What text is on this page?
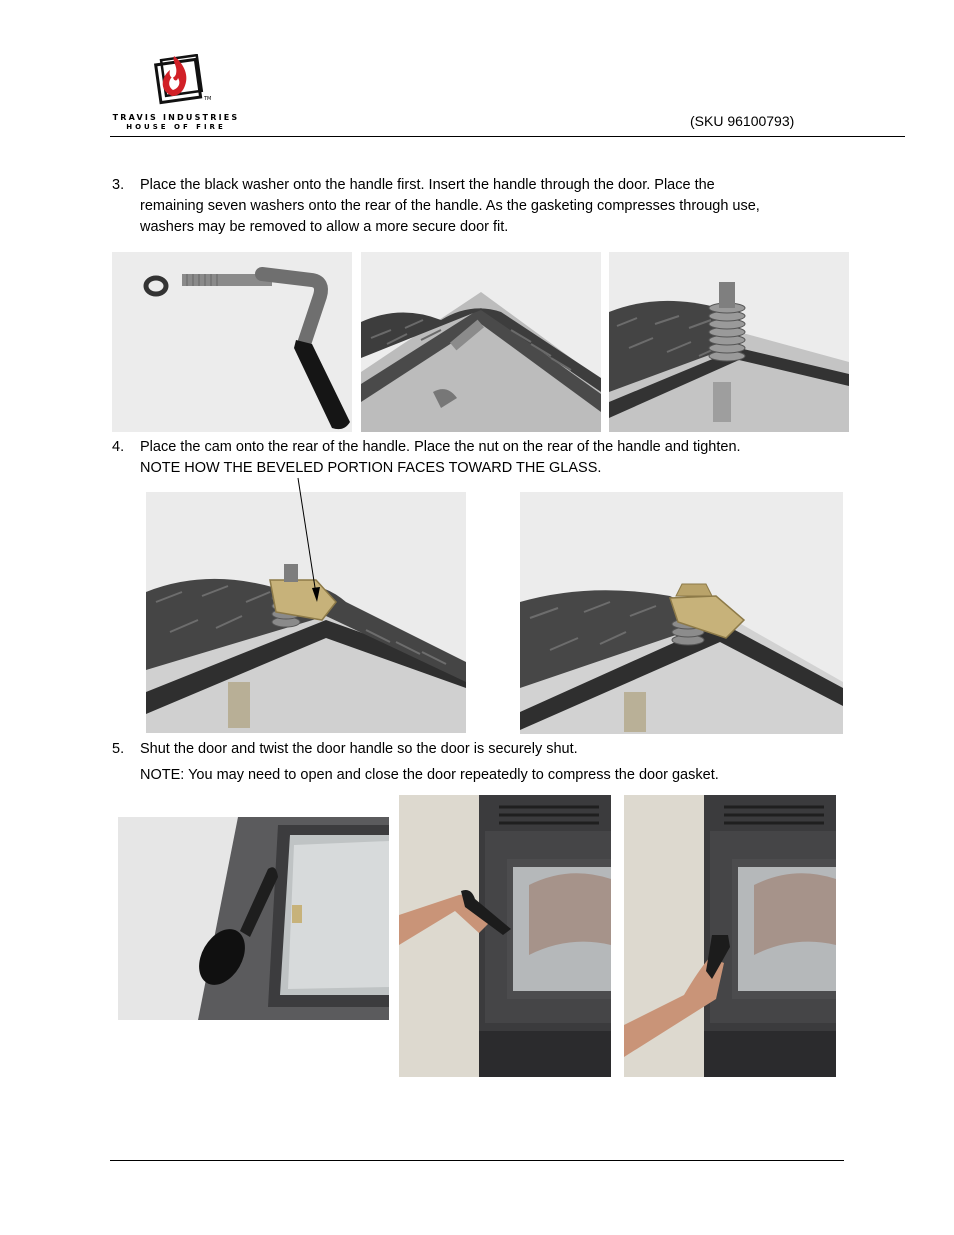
TM
TRAVIS INDUSTRIES
HOUSE OF FIRE	(SKU 96100793)
3. Place the black washer onto the handle first. Insert the handle through the door. Place the
remaining seven washers onto the rear of the handle. As the gasketing compresses through use,
washers may be removed to allow a more secure door fit.
4. Place the cam onto the rear of the handle. Place the nut on the rear of the handle and tighten.
NOTE HOW THE BEVELED PORTION FACES TOWARD THE GLASS.
5. Shut the door and twist the door handle so the door is securely shut.
NOTE: You may need to open and close the door repeatedly to compress the door gasket.
